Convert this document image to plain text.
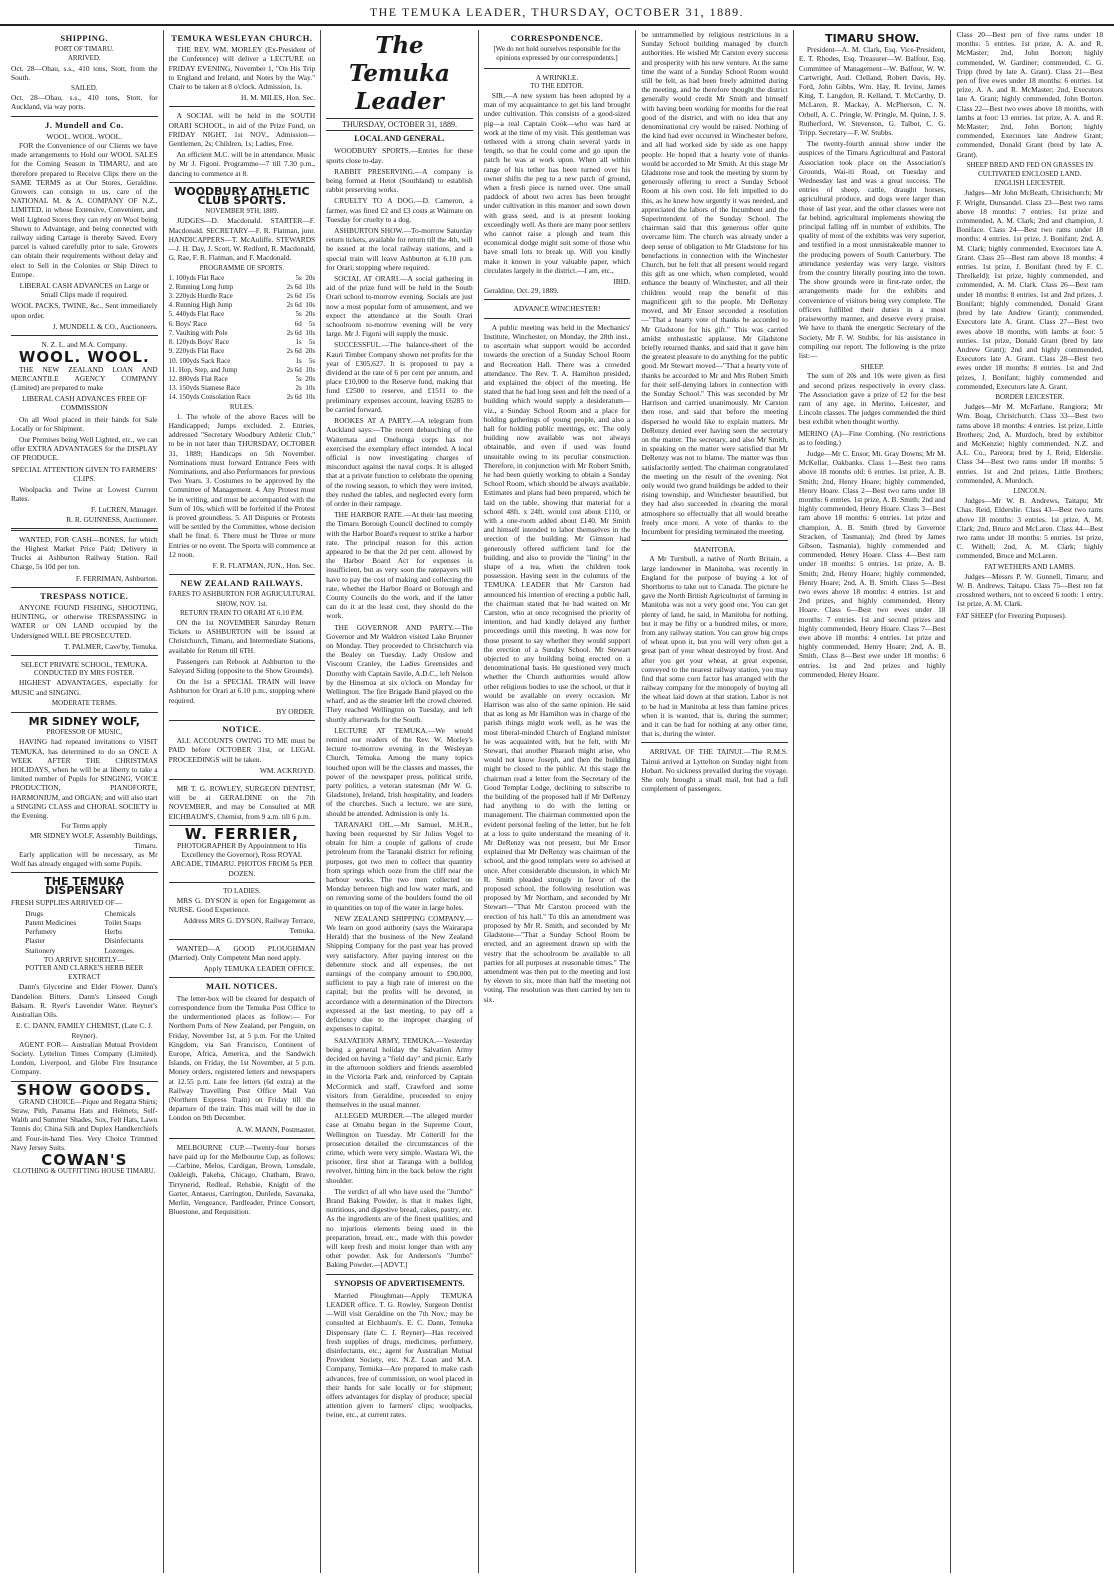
THE TEMUKA LEADER, THURSDAY, OCTOBER 31, 1889.
SHIPPING.
PORT OF TIMARU.
ARRIVED.

Oct. 28—Ohau, s.s., 410 tons, Stott, from the South.

SAILED.

Oct. 28—Ohau, s.s., 410 tons, Stott, for Auckland, via way ports.

J. Mundell and Co.
WOOL. WOOL. WOOL.

FOR the Convenience of our Clients we have made arrangements to Hold our WOOL SALES for the Coming Season in TIMARU, and are therefore prepared to Receive Clips there on the SAME TERMS as at Our Stores, Geraldine. Growers can consign to us, care of the NATIONAL M. & A. COMPANY OF N.Z., LIMITED, in whose Extensive, Convenient, and Well Lighted Stores they can rely on Wool being Shown to Advantage, and being connected with railway siding Cartage is thereby Saved. Every parcel is valued carefully prior to sale. Growers can obtain their requirements without delay and elect to Sell in the Colonies or Ship Direct to Europe.

LIBERAL CASH ADVANCES on Large or Small Clips made if required.

WOOL PACKS, TWINE, &c., Sent immediately upon order.

J. MUNDELL & CO., Auctioneers.
N. Z. L. and M.A. Company.
WOOL. WOOL.

THE NEW ZEALAND LOAN AND MERCANTILE AGENCY COMPANY (Limited) are prepared to make

LIBERAL CASH ADVANCES FREE OF COMMISSION

On all Wool placed in their hands for Sale Locally or for Shipment.

Our Premises being Well Lighted, etc., we can offer EXTRA ADVANTAGES for the DISPLAY OF PRODUCE.

SPECIAL ATTENTION GIVEN TO FARMERS' CLIPS.

Woolpacks and Twine at Lowest Current Rates.

F. LuCREN, Manager.
R. R. GUINNESS, Auctioneer.

WANTED, FOR CASH—BONES, for which the Highest Market Price Paid; Delivery in Trucks at Ashburton Railway Station. Rail Charge, 5s 10d per ton.

F. FERRIMAN, Ashburton.
TRESPASS NOTICE.

ANYONE FOUND FISHING, SHOOTING, HUNTING, or otherwise TRESPASSING in WATER or ON LAND occupied by the Undersigned WILL BE PROSECUTED.

T. PALMER, Cave'by, Temuka.
SELECT PRIVATE SCHOOL, TEMUKA.
CONDUCTED BY MRS FOSTER.

HIGHEST ADVANTAGES, especially for MUSIC and SINGING.

MODERATE TERMS.
MR SIDNEY WOLF,
PROFESSOR OF MUSIC,

HAVING had repeated invitations to VISIT TEMUKA, has determined to do so ONCE A WEEK AFTER THE CHRISTMAS HOLIDAYS, when he will be at liberty to take a limited number of Pupils for SINGING, VOICE PRODUCTION, PIANOFORTE, HARMONIUM, and ORGAN; and will also start a SINGING CLASS and CHORAL SOCIETY in the Evening.

For Terms apply
MR SIDNEY WOLF, Assembly Buildings, Timaru.

Early application will be necessary, as Mr Wolf has already engaged with some Pupils.

THE TEMUKA DISPENSARY

FRESH SUPPLIES ARRIVED OF—

Drugs
Patent Medicines
Perfumery
Plaster
Stationery
Chemicals
Toilet Soaps
Herbs
Disinfectants
Lozenges.
TO ARRIVE SHORTLY—
POTTER AND CLARKE'S HERB BEER EXTRACT

Dann's Glycerine and Elder Flower. Dann's Dandelion Bitters. Dann's Linseed Cough Balsam. R. Ryer's Lavender Water. Reyner's Australian Oils.

E. C. DANN, FAMILY CHEMIST, (Late C. J. Reyner).

AGENT FOR— Australian Mutual Provident Society. Lyttelton Times Company (Limited). London, Liverpool, and Globe Fire Insurance Company.

SHOW GOODS.

GRAND CHOICE—Pique and Regatta Shirts; Straw, Pith, Panama Hats and Helmets; Self-Walth and Summer Shades, Sox, Felt Hats, Lawn Tennis do; China Silk and Duplex Handkerchiefs and Four-in-hand Ties. Very Choice Trimmed Navy Jersey Suits.

COWAN'S
CLOTHING & OUTFITTING HOUSE TIMARU.
TEMUKA WESLEYAN CHURCH.

THE REV. WM. MORLEY (Ex-President of the Conference) will deliver a LECTURE on FRIDAY EVENING, November 1, "On His Trip to England and Ireland, and Notes by the Way." Chair to be taken at 8 o'clock. Admission, 1s.

H. M. MILES, Hon. Sec.

A SOCIAL will be held in the SOUTH ORARI SCHOOL, in aid of the Prize Fund, on FRIDAY NIGHT, 1st NOV., Admission—Gentlemen, 2s; Children, 1s; Ladies, Free.

An efficient M.C. will be in attendance. Music by Mr J. Figoni. Programme—7 till 7.30 p.m., dancing to commence at 8.

WOODBURY ATHLETIC CLUB SPORTS.
NOVEMBER 9TH, 1889.

JUDGES—D. Macdonald. STARTER—F. Macdonald. SECRETARY—F. R. Flatman, junr. HANDICAPPERS—T. McAuliffe. STEWARDS—J. H. Day, J. Scott, W. Redford, R. Macdonald, G. Rae, F. R. Flatman, and F. Macdonald.

PROGRAMME OF SPORTS.
1. 100yds Flat Race	5s	20s
2. Running Long Jump	2s 6d	10s
3. 220yds Hurdle Race	2s 6d	15s
4. Running High Jump	2s 6d	10s
5. 440yds Flat Race	5s	20s
6. Boys' Race	6d	5s
7. Vaulting with Pole	2s 6d	10s
8. 120yds Boys' Race	1s	5s
9. 220yds Flat Race	2s 6d	20s
10. 100yds Sack Race	1s	5s
11. Hop, Step, and Jump	2s 6d	10s
12. 880yds Flat Race	5s	20s
13. 150yds Siamese Race	2s	10s
14. 150yds Consolation Race	2s 6d	10s
RULES.

1. The whole of the above Races will be Handicapped; Jumps excluded. 2. Entries, addressed "Secretary Woodbury Athletic Club," to be in not later than THURSDAY, OCTOBER 31, 1889; Handicaps on 5th November. Nominations must forward Entrance Fees with Nominations, and also Performances for previous Two Years. 3. Costumes to be approved by the Committee of Management. 4. Any Protest must be in writing, and must be accompanied with the Sum of 10s, which will be forfeited if the Protest is proved groundless. 5. All Disputes or Protests will be settled by the Committee, whose decision shall be final. 6. There must be Three or more Entries or no event. The Sports will commence at 12 noon.

F. R. FLATMAN, JUN., Hon. Sec.
NEW ZEALAND RAILWAYS.
FARES TO ASHBURTON FOR AGRICULTURAL SHOW, NOV. 1st.
RETURN TRAIN TO ORARI AT 6.10 P.M.

ON the 1st NOVEMBER Saturday Return Tickets to ASHBURTON will be issued at Christchurch, Timaru, and Intermediate Stations, available for Return till 6TH.

Passengers can Rebook at Ashburton to the Saleyard Siding (opposite to the Show Grounds).

On the 1st a SPECIAL TRAIN will leave Ashburton for Orari at 6.10 p.m., stopping where required.

BY ORDER.
NOTICE.

ALL ACCOUNTS OWING TO ME must be PAID before OCTOBER 31st, or LEGAL PROCEEDINGS will be taken.

WM. ACKROYD.

MR T. G. ROWLEY, SURGEON DENTIST, will be at GERALDINE on the 7th NOVEMBER, and may be Consulted at MR EICHBAUM'S, Chemist, from 9 a.m. till 6 p.m.

W. FERRIER,

PHOTOGRAPHER By Appointment to His Excellency the Governor), Ross ROYAL ARCADE, TIMARU. PHOTOS FROM 5s PER DOZEN.

TO LADIES.

MRS G. DYSON is open for Engagement as NURSE. Good Experience.

Address MRS G. DYSON, Railway Terrace, Temuka.

WANTED—A GOOD PLOUGHMAN (Married). Only Competent Man need apply.

Apply TEMUKA LEADER OFFICE.
MAIL NOTICES.

The letter-box will be cleared for despatch of correspondence from the Temuka Post Office to the undermentioned places as follow:— For Northern Ports of New Zealand, per Penguin, on Friday, November 1st, at 5 p.m. For the United Kingdom, via San Francisco, Continent of Europe, Africa, America, and the Sandwich Islands, on Friday, the 1st November, at 5 p.m. Money orders, registered letters and newspapers at 12.55 p.m. Late fee letters (6d extra) at the Railway Travelling Post Office Mail Van (Northern Express Train) on Friday till the departure of the train. This mail will be due in London on 9th December.

A. W. MANN, Postmaster.

MELBOURNE CUP.—Twenty-four horses have paid up for the Melbourne Cup, as follows:—Carbine, Melos, Cardigan, Brown, Lonsdale, Oakleigh, Pakeha, Chicago, Chatham, Bravo, Tirrynerid, Redleaf, Rehsbie, Knight of the Garter, Antaeus, Carrington, Dunlede, Savanaka, Merlin, Vengeance, Pardleader, Prince Consort, Bluestone, and Requisition.

The Temuka Leader
THURSDAY, OCTOBER 31, 1889.
LOCAL AND GENERAL.

WOODBURY SPORTS.—Entries for these sports close to-day.

RABBIT PRESERVING.—A company is being formed at Hetot (Southland) to establish rabbit preserving works.

CRUELTY TO A DOG.—D. Cameron, a farmer, was fined £2 and £3 costs at Waimate on Tuesday for cruelty to a dog.

ASHBURTON SHOW.—To-morrow Saturday return tickets, available for return till the 4th, will be issued at the local railway stations, and a special train will leave Ashburton at 6.10 p.m. for Orari, stopping where required.

SOCIAL AT ORARI.—A social gathering in aid of the prize fund will be held in the South Orari school to-morrow evening. Socials are just now a most popular form of amusement, and we expect the attendance at the South Orari schoolroom to-morrow evening will be very large. Mr J. Figoni will supply the music.

SUCCESSFUL.—The balance-sheet of the Kauri Timber Company shown net profits for the year of £305,627. It is proposed to pay a dividend at the rate of 6 per cent per annum, and place £10,000 to the Reserve fund, making that fund £2500 to reserve, and £1511 to the preliminary expenses account, leaving £6285 to be carried forward.

ROOKES AT A PARTY.—A telegram from Auckland says:—The recent debauching of the Waitemata and Onehunga corps has not exercised the exemplary effect intended. A local official is now investigating charges of misconduct against the naval corps. It is alleged that at a private function to celebrate the opening of the rowing season, to which they were invited, they rushed the tables, and neglected every form of order in their rampage.

THE HARBOR RATE.—At their last meeting the Timaru Borough Council declined to comply with the Harbor Board's request to strike a harbor rate. The principal reason for this action appeared to be that the 2d per cent. allowed by the Harbor Board Act for expenses is insufficient, but as very soon the ratepayers will have to pay the cost of making and collecting the rate, whether the Harbor Board or Borough and County Councils do the work, and if the latter can do it at the least cost, they should do the work.

THE GOVERNOR AND PARTY.—The Governor and Mr Waldron visited Lake Brunner on Monday. They proceeded to Christchurch via the Bealey on Tuesday. Lady Onslow and Viscount Cranley, the Ladies Greensides and Dorothy with Captain Savile, A.D.C., left Nelson by the Hinemoa at six o'clock on Monday for Wellington. The fire Brigade Band played on the wharf, and as the steamer left the crowd cheered. They reached Wellington on Tuesday, and left shortly afterwards for the South.

LECTURE AT TEMUKA.—We would remind our readers of the Rev. W. Morley's lecture to-morrow evening in the Wesleyan Church, Temuka. Among the many topics touched upon will be the classes and masses, the power of the newspaper press, political strife, party politics, a veteran statesman (Mr W. G. Gladstone), Ireland, Irish hospitality, and leaders of the churches. Such a lecture, we are sure, should be attended. Admission is only 1s.

TARANAKI OIL.—Mr Samuel, M.H.R., having been requested by Sir Julius Vogel to obtain for him a couple of gallons of crude petroleum from the Taranaki district for refining purposes, got two men to collect that quantity from springs which ooze from the cliff near the harbour works. The two men collected on Monday between high and low water mark, and on removing some of the boulders found the oil in quantities on top of the water in large holes.

NEW ZEALAND SHIPPING COMPANY.—We learn on good authority (says the Wairarapa Herald) that the business of the New Zealand Shipping Company for the past year has proved very satisfactory. After paying interest on the debenture stock and all expenses, the net earnings of the company amount to £90,000, sufficient to pay a high rate of interest on the capital; but the profits will be devoted, in accordance with a determination of the Directors expressed at the last meeting, to pay off a deficiency due to the improper charging of expenses to capital.

SALVATION ARMY, TEMUKA.—Yesterday being a general holiday the Salvation Army decided on having a "field day" and picnic. Early in the afternoon soldiers and friends assembled in the Victoria Park and, reinforced by Captain McCormick and staff, Crawford and some visitors from Geraldine, proceeded to enjoy themselves in the usual manner.

ALLEGED MURDER.—The alleged murder case at Omahu began in the Supreme Court, Wellington on Tuesday. Mr Cotterill for the prosecution detailed the circumstances of the crime, which were very simple. Wastara Wi, the prisoner, first shot at Taranga with a bulldog revolver, hitting him in the back below the right shoulder.

The verdict of all who have used the "Jumbo" Brand Baking Powder, is that it makes light, nutritious, and digestive bread, cakes, pastry, etc. As the ingredients are of the finest qualities, and no injurious elements being used in the preparation, bread, etc., made with this powder will keep fresh and moist longer than with any other powder. Ask for Anderson's "Jumbo" Baking Powder.—[ADVT.]

SYNOPSIS OF ADVERTISEMENTS.

Married Ploughman—Apply TEMUKA LEADER office. T. G. Rowley, Surgeon Dentist—Will visit Geraldine on the 7th Nov.; may be consulted at Eichbaum's. E. C. Dann, Temuka Dispensary (late C. J. Reyner)—Has received fresh supplies of drugs, medicines, perfumery, disinfectants, etc.; agent for Australian Mutual Provident Society, etc. N.Z. Loan and M.A. Company, Temuka—Are prepared to make cash advances, free of commission, on wool placed in their hands for sale locally or for shipment; offers advantages for display of produce; special attention given to farmers' clips; woolpacks, twine, etc., at current rates.

CORRESPONDENCE.
[We do not hold ourselves responsible for the opinions expressed by our correspondents.]
A WRINKLE.
TO THE EDITOR.

SIR,—A new system has been adopted by a man of my acquaintance to get his land brought under cultivation. This consists of a good-sized pig—a real Captain Cook—who was hard at work at the time of my visit. This gentleman was tethered with a strong chain several yards in length, so that he could come and go upon the patch he was at work upon. When all within range of his tether has been turned over his owner shifts the peg to a new patch of ground, when a fresh piece is turned over. One small paddock of about two acres has been brought under cultivation in this manner and sown down with grass seed, and is at present looking exceedingly well. As there are many poor settlers who cannot raise a plough and team this economical dodge might suit some of those who have small lots to break up. Will you kindly make it known in your valuable paper, which circulates largely in the district.—I am, etc.,

IBID.

Geraldine, Oct. 29, 1889.

ADVANCE WINCHESTER!

A public meeting was held in the Mechanics' Institute, Winchester, on Monday, the 28th inst., to ascertain what support would be accorded towards the erection of a Sunday School Room and Recreation Hall. There was a crowded attendance. The Rev. T. A. Hamilton presided, and explained the object of the meeting. He stated that he had long seen and felt the need of a building which would supply a desideratum—viz., a Sunday School Room and a place for holding gatherings of young people, and also a hall for holding public meetings, etc. The only building now available was not always obtainable, and even if used was found unsuitable owing to its peculiar construction. Therefore, in conjunction with Mr Robert Smith, he had been quietly working to obtain a Sunday School Room, which should be always available. Estimates and plans had been prepared, which he laid on the table, showing that material for a school 48ft. x 24ft. would cost about £110, or with a one-room added about £140. Mr Smith and himself intended to labor themselves in the erection of the building. Mr Gimson had generously offered sufficient land for the building, and also to provide the "lining" in the shape of a tea, when the children took possession. Having seen in the columns of the TEMUKA LEADER that Mr Carston had announced his intention of erecting a public hall, the chairman stated that he had waited on Mr Carston, who at once recognised the priority of intention, and had kindly delayed any further proceedings until this meeting. It was now for those present to say whether they would support the erection of a Sunday School. Mr Stewart objected to any building being erected on a denominational basis. He questioned very much whether the Church authorities would allow other religious bodies to use the school, or that it would be available on every occasion. Mr Harrison was also of the same opinion. He said that as long as Mr Hamilton was in charge of the parish things might work well, as he was the most liberal-minded Church of England minister he was acquainted with, but he felt, with Mr Stewart, that another Pharaoh might arise, who would not know Joseph, and then the building might be closed to the public. At this stage the chairman read a letter from the Secretary of the Good Templar Lodge, declining to subscribe to the building of the proposed hall if Mr DeRenzy had anything to do with the letting or management. The chairman commented upon the evident personal feeling of the letter, but he felt at a loss to quite understand the meaning of it. Mr DeRenzy was not present, but Mr Ensor explained that Mr DeRenzy was chairman of the school, and the good templars were so advised at once. After considerable discussion, in which Mr R. Smith pleaded strongly in favor of the proposed school, the following resolution was proposed by Mr Northam, and seconded by Mr Stewart—"That Mr Carston proceed with the erection of his hall." To this an amendment was proposed by Mr R. Smith, and seconded by Mr Gladstone—"That a Sunday School Room be erected, and an agreement drawn up with the vestry that the schoolroom be available to all parties for all purposes at reasonable times." The amendment was then put to the meeting and lost by eleven to six, more than half the meeting not voting. The resolution was then carried by ten to six.

be untrammelled by religious restrictions in a Sunday School building managed by church authorities. He wished Mr Carston every success and prosperity with his new venture. At the same time the want of a Sunday School Room would still be felt, as had been freely admitted during the meeting, and he therefore thought the district generally would credit Mr Smith and himself with having been working for months for the real good of the district, and with no idea that any denominational cry would be raised. Nothing of the kind had ever occurred in Winchester before, and all had worked side by side as one happy people. He hoped that a hearty vote of thanks would be accorded to Mr Smith. At this stage Mr Gladstone rose and took the meeting by storm by generously offering to erect a Sunday School Room at his own cost. He felt impelled to do this, as he knew how urgently it was needed, and appreciated the labors of the Incumbent and the Superintendent of the Sunday School. The chairman said that this generous offer quite overcame him. The church was already under a deep sense of obligation to Mr Gladstone for his benefactions in connection with the Winchester Church, but he felt that all present would regard this gift as one which, when completed, would enhance the beauty of Winchester, and all their children would reap the benefit of this magnificent gift to the people. Mr DeRenzy moved, and Mr Ensor seconded a resolution—"That a hearty vote of thanks be accorded to Mr Gladstone for his gift." This was carried amidst enthusiastic applause. Mr Gladstone briefly returned thanks, and said that it gave him the greatest pleasure to do anything for the public good. Mr Stewart moved—"That a hearty vote of thanks be accorded to Mr and Mrs Robert Smith for their self-denying labors in connection with the Sunday School." This was seconded by Mr Harrison and carried unanimously. Mr Carston then rose, and said that before the meeting dispersed he would like to explain matters. Mr DeRenzy denied ever having seen the secretary on the matter. The secretary, and also Mr Smith, in speaking on the matter were satisfied that Mr DeRenzy was not to blame. The matter was thus satisfactorily settled. The chairman congratulated the meeting on the result of the evening. Not only would two grand buildings be added to their rising township, and Winchester beautified, but they had also succeeded in clearing the moral atmosphere so effectually that all would breathe freely once more. A vote of thanks to the Incumbent for presiding terminated the meeting.

MANITOBA.

A Mr Turnbull, a native of North Britain, a large landowner in Manitoba, was recently in England for the purpose of buying a lot of Shorthorns to take out to Canada. The picture he gave the North British Agriculturist of farming in Manitoba was not a very good one. You can get plenty of land, he said, in Manitoba for nothing, but it may be fifty or a hundred miles, or more, from any railway station. You can grow big crops of wheat upon it, but you will very often get a great part of your wheat destroyed by frost. And after you get your wheat, at great expense, conveyed to the nearest railway station, you may find that some corn factor has arranged with the railway company for the monopoly of buying all the wheat laid down at that station. Labor is not to be had in Manitoba at less than famine prices when it is wanted, that is, during the summer; and it can be had for nothing at any other time, that is, during the winter.

ARRIVAL OF THE TAINUI.—The R.M.S. Tainui arrived at Lyttelton on Sunday night from Hobart. No sickness prevailed during the voyage. She only brought a small mail, but had a full complement of passengers.

TIMARU SHOW.

President—A. M. Clark, Esq. Vice-President, E. T. Rhodes, Esq. Treasurer—W. Balfour, Esq. Committee of Management—W. Balfour, W. W. Cartwright, Aud. Clelland, Robert Davis, Hy. Ford, John Gibbs, Wm. Hay, R. Irvine, James King, T. Langdon, R. Kelland, T. McCarthy, D. McLaren, R. Mackay, A. McPherson, C. N. Orbell, A. C. Pringle, W. Pringle, M. Quinn, J. S. Rutherford, W. Stevenson, G. Talbot, C. G. Tripp. Secretary—F. W. Stubbs.

The twenty-fourth annual show under the auspices of the Timaru Agricultural and Pastoral Association took place on the Association's Grounds, Wai-iti Road, on Tuesday and Wednesday last and was a great success. The entries of sheep, cattle, draught horses, agricultural produce, and dogs were larger than those of last year, and the other classes were not far behind, agricultural implements showing the principal falling off in number of exhibits. The quality of most of the exhibits was very superior, and testified in a most unmistakeable manner to the producing powers of South Canterbury. The attendance yesterday was very large, visitors from the country literally pouring into the town. The show grounds were in first-rate order, the arrangements made for the exhibits and convenience of visitors being very complete. The officers fulfilled their duties in a most praiseworthy manner, and deserve every praise. We have to thank the energetic Secretary of the Society, Mr F. W. Stubbs, for his assistance in compiling our report. The following is the prize list:—

SHEEP.

The sum of 20s and 10s were given as first and second prizes respectively in every class. The Association gave a prize of £2 for the best ram of any age, in Merino, Leicester, and Lincoln classes. The judges commended the third best exhibit when thought worthy.

MERINO (A)—Fine Combing. (No restrictions as to feeding.)

Judge—Mr C. Ensor, Mt. Gray Downs; Mr M. McKellar, Oakbanks. Class 1—Best two rams above 18 months old: 6 entries. 1st prize, A. B. Smith; 2nd, Henry Hoare; highly commended, Henry Hoare. Class 2—Best two rams under 18 months: 6 entries. 1st prize, A. B. Smith; 2nd and highly commended, Henry Hoare. Class 3—Best ram above 18 months: 6 entries. 1st prize and champion, A. B. Smith (bred by Governor Stracken, of Tasmania); 2nd (bred by James Gibson, Tasmania), highly commended and commended, Henry Hoare. Class 4—Best ram under 18 months: 5 entries. 1st prize, A. B. Smith; 2nd, Henry Hoare; highly commended, Henry Hoare; 2nd, A. B. Smith. Class 5—Best two ewes above 18 months: 4 entries. 1st and 2nd prizes, and highly commended, Henry Hoare. Class 6—Best two ewes under 18 months: 7 entries. 1st and second prizes and highly commended, Henry Hoare. Class 7—Best ewe above 18 months: 4 entries. 1st prize and highly commended, Henry Hoare; 2nd, A. B. Smith. Class 8—Best ewe under 18 months: 6 entries. 1st and 2nd prizes and highly commended, Henry Hoare.

Class 20—Best pen of five rams under 18 months: 5 entries. 1st prize, A. A. and R. McMaster; 2nd, John Borton; highly commended, W. Gardiner; commended, C. G. Tripp (bred by late A. Grant). Class 21—Best pen of five ewes under 18 months: 6 entries. 1st prize, A. A. and R. McMaster; 2nd, Executors late A. Grant; highly commended, John Borton. Class 22—Best two ewes above 18 months, with lambs at foot: 13 entries. 1st prize, A. A. and R. McMaster; 2nd, John Borton; highly commended, Executors late Andrew Grant; commended, Donald Grant (bred by late A. Grant).

SHEEP BRED AND FED ON GRASSES IN CULTIVATED ENCLOSED LAND.
ENGLISH LEICESTER.

Judges—Mr John McBeath, Christchurch; Mr F. Wright, Dunsandel. Class 23—Best two rams above 18 months: 7 entries. 1st prize and commended, A. M. Clark; 2nd and champion, J. Boniface. Class 24—Best two rams under 18 months: 4 entries. 1st prize, J. Bonifant; 2nd, A. M. Clark; highly commended, Executors late A. Grant. Class 25—Best ram above 18 months: 4 entries. 1st prize, J. Bonifant (bred by F. C. Threlkeld); 1st prize, highly commended, and commended, A. M. Clark. Class 26—Best ram under 18 months: 8 entries. 1st and 2nd prizes, J. Bonifant; highly commended, Donald Grant (bred by late Andrew Grant); commended, Executors late A. Grant. Class 27—Best two ewes above 18 months, with lambs at foot: 5 entries. 1st prize, Donald Grant (bred by late Andrew Grant); 2nd and highly commended, Executors late A. Grant. Class 28—Best two ewes under 18 months: 8 entries. 1st and 2nd prizes, J. Bonifant; highly commended and commended, Executors late A. Grant.

BORDER LEICESTER.

Judges—Mr M. McFarlane, Rangiora; Mr Wm. Boag, Christchurch. Class 33—Best two rams above 18 months: 4 entries. 1st prize, Little Brothers; 2nd, A. Murdoch, bred by exhibitor and McKenzie; highly commended, N.Z. and A.L. Co., Pareora; bred by J. Reid, Elderslie. Class 34—Best two rams under 18 months: 5 entries. 1st and 2nd prizes, Little Brothers; commended, A. Murdoch.

LINCOLN.

Judges—Mr W. B. Andrews, Taitapu; Mr Chas. Reid, Elderslie. Class 43—Best two rams above 18 months: 3 entries. 1st prize, A. M. Clark; 2nd, Bruce and McLaren. Class 44—Best two rams under 18 months: 5 entries. 1st prize, C. Withell; 2nd, A. M. Clark; highly commended, Bruce and McLaren.

FAT WETHERS AND LAMBS.

Judges—Messrs P. W. Gunnell, Timaru; and W. B. Andrews, Taitapu. Class 75—Best ten fat crossbred wethers, not to exceed 6 tooth: 1 entry. 1st prize, A. M. Clark.

FAT SHEEP (for Freezing Purposes).
